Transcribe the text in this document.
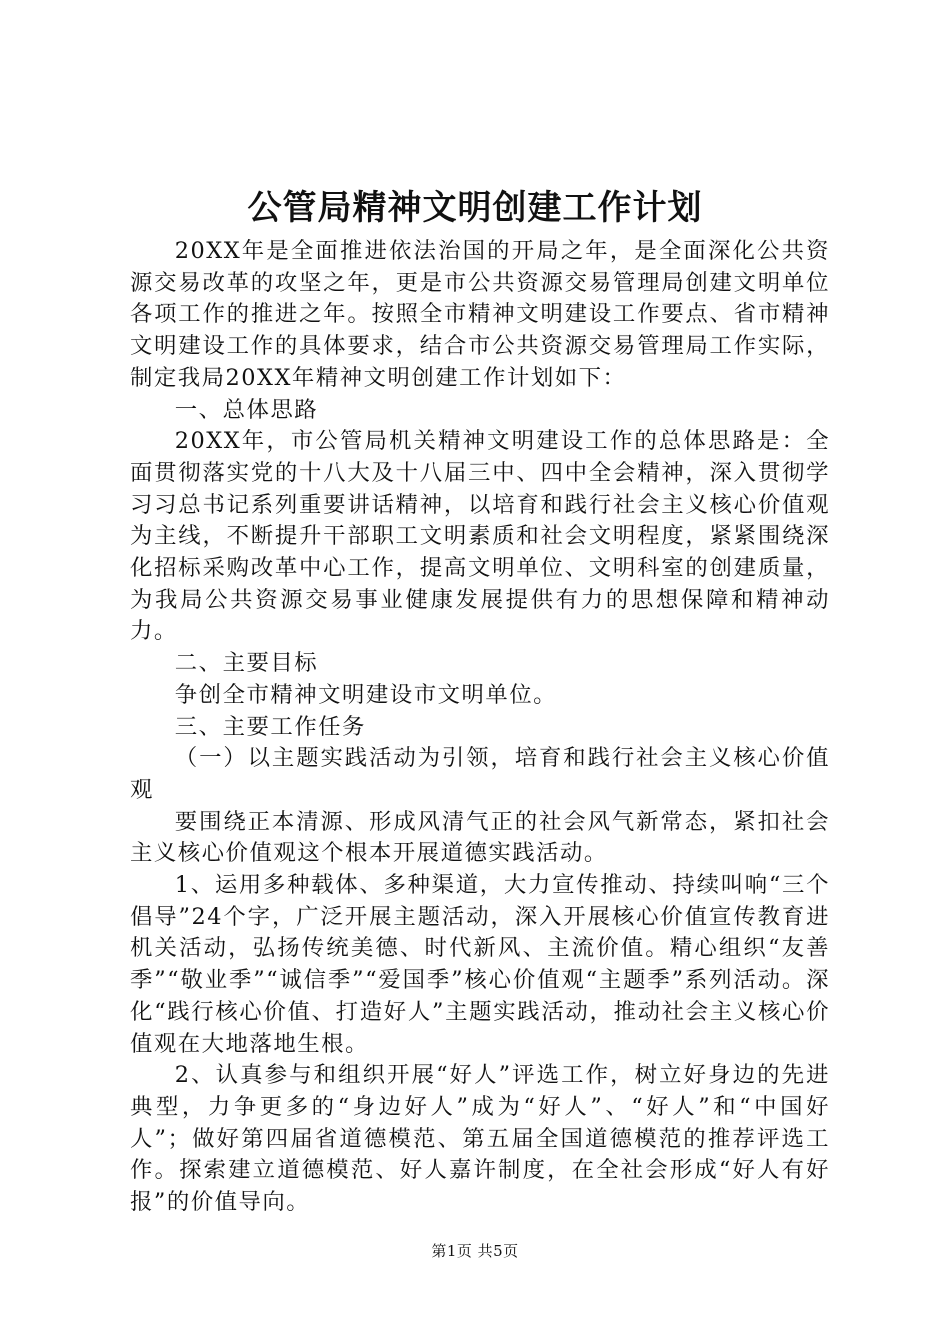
公管局精神文明创建工作计划

20XX年是全面推进依法治国的开局之年，是全面深化公共资源交易改革的攻坚之年，更是市公共资源交易管理局创建文明单位各项工作的推进之年。按照全市精神文明建设工作要点、省市精神文明建设工作的具体要求，结合市公共资源交易管理局工作实际，制定我局20XX年精神文明创建工作计划如下：

一、总体思路

20XX年，市公管局机关精神文明建设工作的总体思路是：全面贯彻落实党的十八大及十八届三中、四中全会精神，深入贯彻学习习总书记系列重要讲话精神，以培育和践行社会主义核心价值观为主线，不断提升干部职工文明素质和社会文明程度，紧紧围绕深化招标采购改革中心工作，提高文明单位、文明科室的创建质量，为我局公共资源交易事业健康发展提供有力的思想保障和精神动力。

二、主要目标

争创全市精神文明建设市文明单位。

三、主要工作任务

（一）以主题实践活动为引领，培育和践行社会主义核心价值观

要围绕正本清源、形成风清气正的社会风气新常态，紧扣社会主义核心价值观这个根本开展道德实践活动。

1、运用多种载体、多种渠道，大力宣传推动、持续叫响“三个倡导”24个字，广泛开展主题活动，深入开展核心价值宣传教育进机关活动，弘扬传统美德、时代新风、主流价值。精心组织“友善季”“敬业季”“诚信季”“爱国季”核心价值观“主题季”系列活动。深化“践行核心价值、打造好人”主题实践活动，推动社会主义核心价值观在大地落地生根。

2、认真参与和组织开展“好人”评选工作，树立好身边的先进典型，力争更多的“身边好人”成为“好人”、“好人”和“中国好人”；做好第四届省道德模范、第五届全国道德模范的推荐评选工作。探索建立道德模范、好人嘉许制度，在全社会形成“好人有好报”的价值导向。

第1页 共5页
